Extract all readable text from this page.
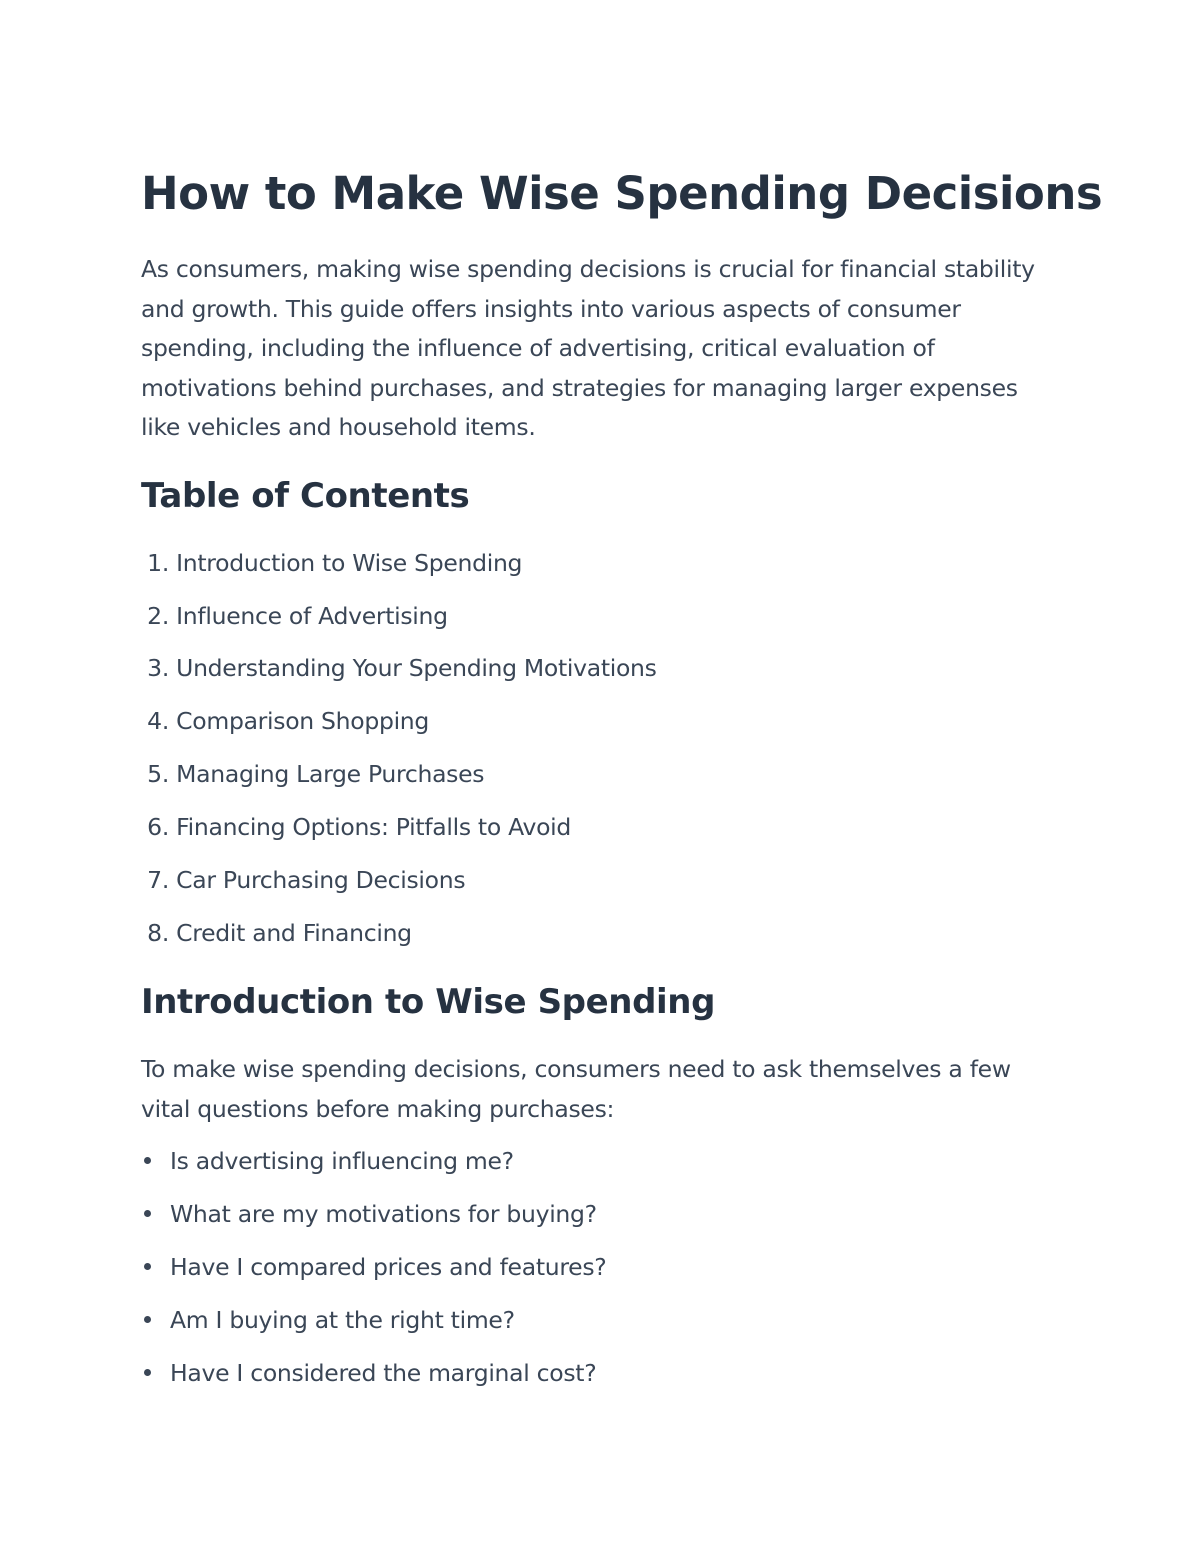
How to Make Wise Spending Decisions

As consumers, making wise spending decisions is crucial for financial stability and growth. This guide offers insights into various aspects of consumer spending, including the influence of advertising, critical evaluation of motivations behind purchases, and strategies for managing larger expenses like vehicles and household items.

Table of Contents
1. Introduction to Wise Spending
2. Influence of Advertising
3. Understanding Your Spending Motivations
4. Comparison Shopping
5. Managing Large Purchases
6. Financing Options: Pitfalls to Avoid
7. Car Purchasing Decisions
8. Credit and Financing
Introduction to Wise Spending

To make wise spending decisions, consumers need to ask themselves a few vital questions before making purchases:

Is advertising influencing me?
What are my motivations for buying?
Have I compared prices and features?
Am I buying at the right time?
Have I considered the marginal cost?
